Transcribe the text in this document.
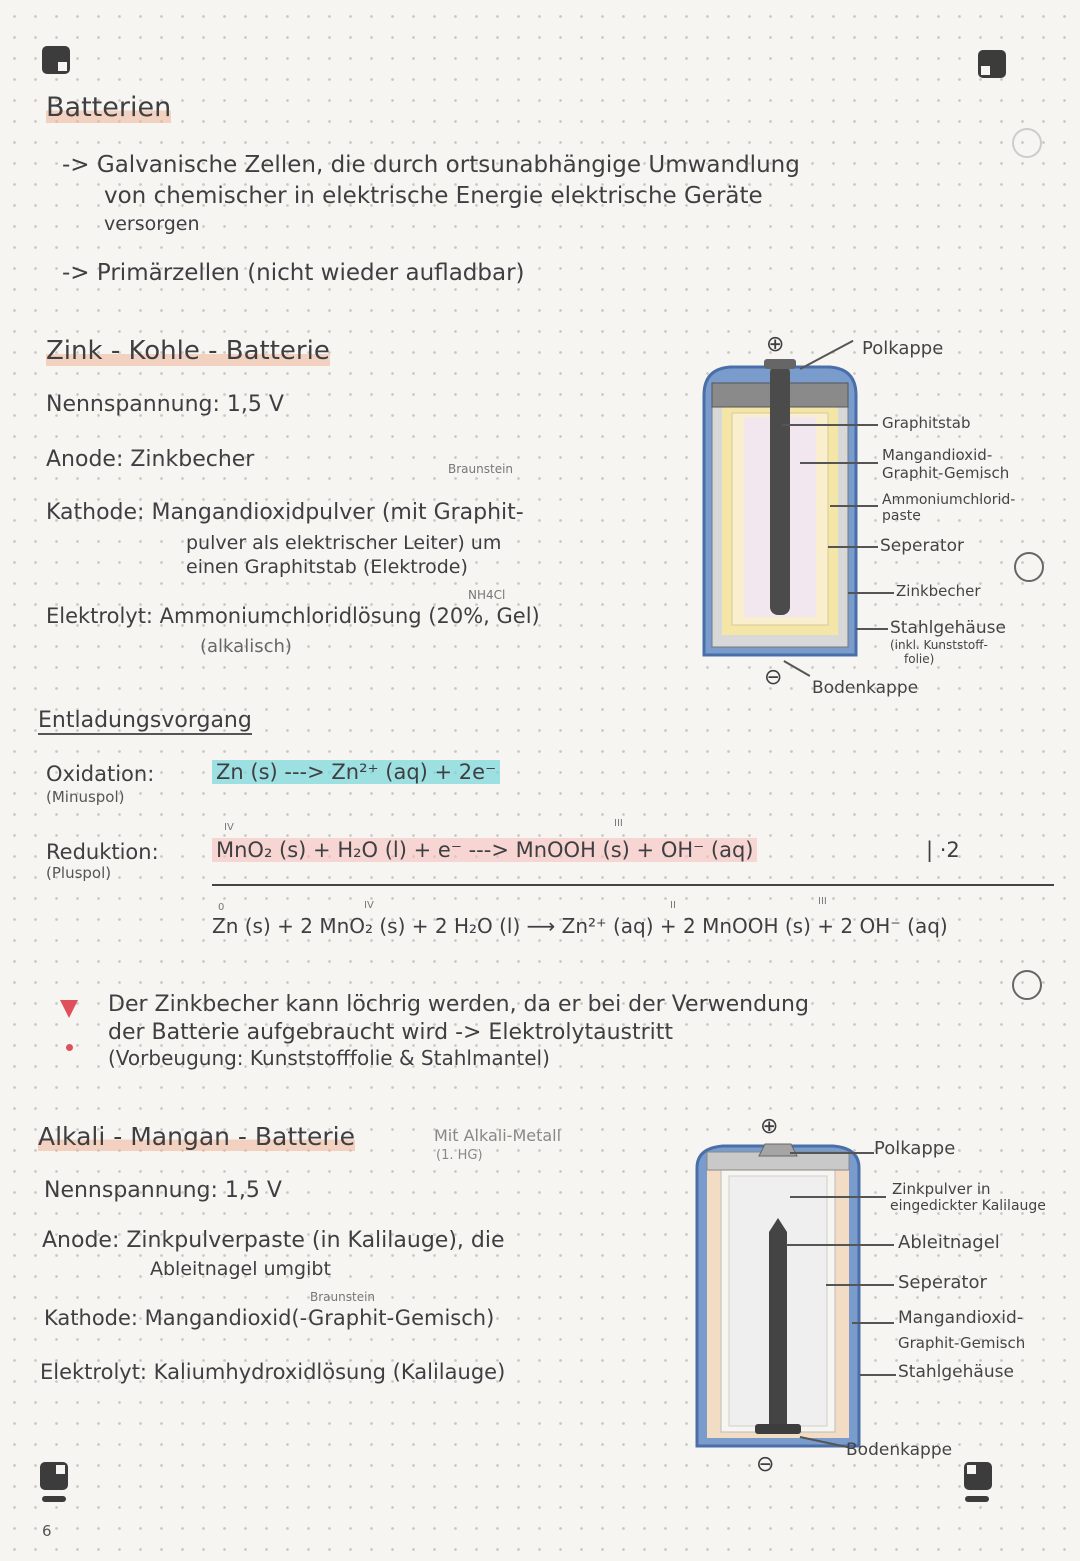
6
Batterien
-> Galvanische Zellen, die durch ortsunabhängige Umwandlung
von chemischer in elektrische Energie elektrische Geräte
versorgen
-> Primärzellen (nicht wieder aufladbar)
Zink - Kohle - Batterie
Nennspannung: 1,5 V
Anode: Zinkbecher	Braunstein
Kathode: Mangandioxidpulver (mit Graphit-
pulver als elektrischer Leiter) um
einen Graphitstab (Elektrode)
NH4Cl
Elektrolyt: Ammoniumchloridlösung (20%, Gel)
(alkalisch)
⊕
⊖
Polkappe
Graphitstab
Mangandioxid-
Graphit-Gemisch
Ammoniumchlorid-
paste
Seperator
Zinkbecher
Stahlgehäuse
(inkl. Kunststoff-
folie)
Bodenkappe
Entladungsvorgang
Oxidation:
(Minuspol)
Zn (s) ---> Zn²⁺ (aq) + 2e⁻
IV	III
Reduktion:
(Pluspol)
MnO₂ (s) + H₂O (l) + e⁻ ---> MnOOH (s) + OH⁻ (aq)	| ·2
0	IV	II	III
Zn (s) + 2 MnO₂ (s) + 2 H₂O (l) ⟶ Zn²⁺ (aq) + 2 MnOOH (s) + 2 OH⁻ (aq)
Der Zinkbecher kann löchrig werden, da er bei der Verwendung
der Batterie aufgebraucht wird -> Elektrolytaustritt
(Vorbeugung: Kunststofffolie & Stahlmantel)
Alkali - Mangan - Batterie	Mit Alkali-Metall
(1. HG)
Nennspannung: 1,5 V
Anode: Zinkpulverpaste (in Kalilauge), die
Ableitnagel umgibt
Braunstein
Kathode: Mangandioxid(-Graphit-Gemisch)
Elektrolyt: Kaliumhydroxidlösung (Kalilauge)
⊕
⊖
Polkappe
Zinkpulver in
eingedickter Kalilauge
Ableitnagel
Seperator
Mangandioxid-
Graphit-Gemisch
Stahlgehäuse
Bodenkappe
